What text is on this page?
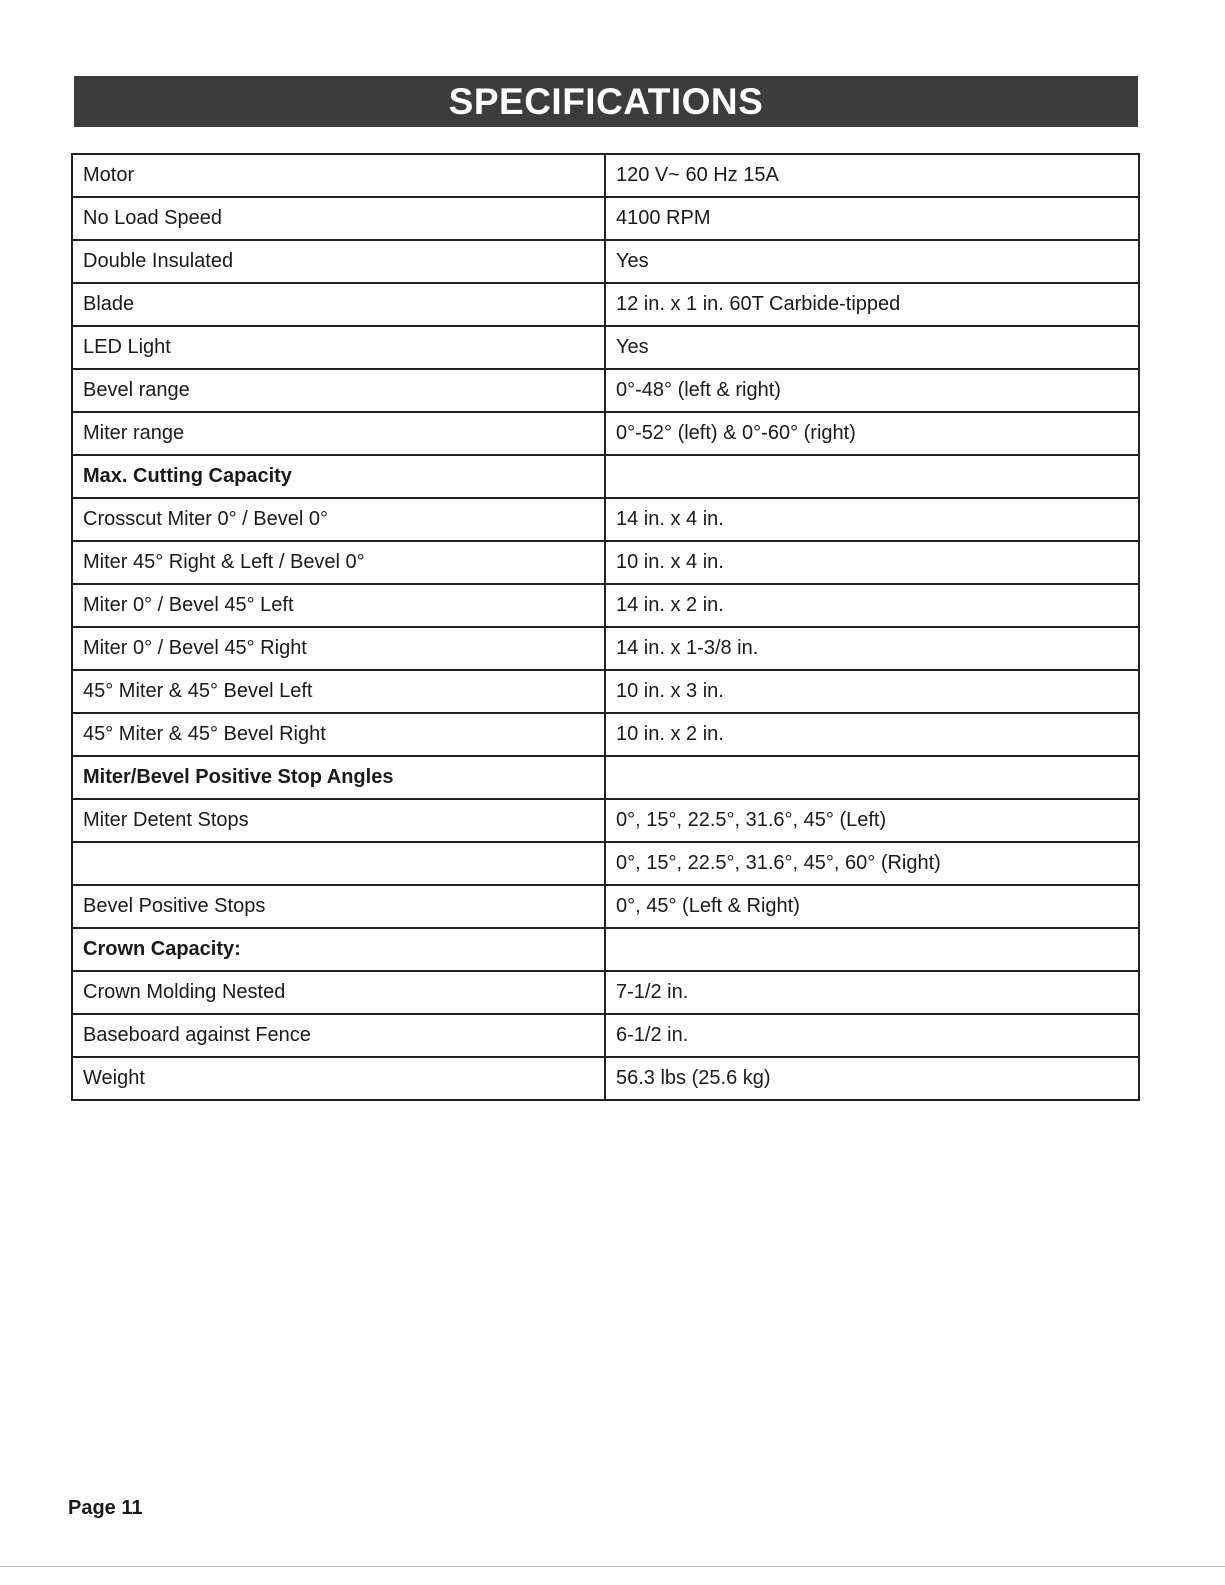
SPECIFICATIONS
Motor	120 V~ 60 Hz 15A
No Load Speed	4100 RPM
Double Insulated	Yes
Blade	12 in. x 1 in. 60T Carbide-tipped
LED Light	Yes
Bevel range	0°-48° (left & right)
Miter range	0°-52° (left) & 0°-60° (right)
Max. Cutting Capacity	
Crosscut Miter 0° / Bevel 0°	14 in. x 4 in.
Miter 45° Right & Left / Bevel 0°	10 in. x 4 in.
Miter 0° / Bevel 45° Left	14 in. x 2 in.
Miter 0° / Bevel 45° Right	14 in. x 1-3/8 in.
45° Miter & 45° Bevel Left	10 in. x 3 in.
45° Miter & 45° Bevel Right	10 in. x 2 in.
Miter/Bevel Positive Stop Angles	
Miter Detent Stops	0°, 15°, 22.5°, 31.6°, 45° (Left)
	0°, 15°, 22.5°, 31.6°, 45°, 60° (Right)
Bevel Positive Stops	0°, 45° (Left & Right)
Crown Capacity:	
Crown Molding Nested	7-1/2 in.
Baseboard against Fence	6-1/2 in.
Weight	56.3 lbs (25.6 kg)
Page 11
